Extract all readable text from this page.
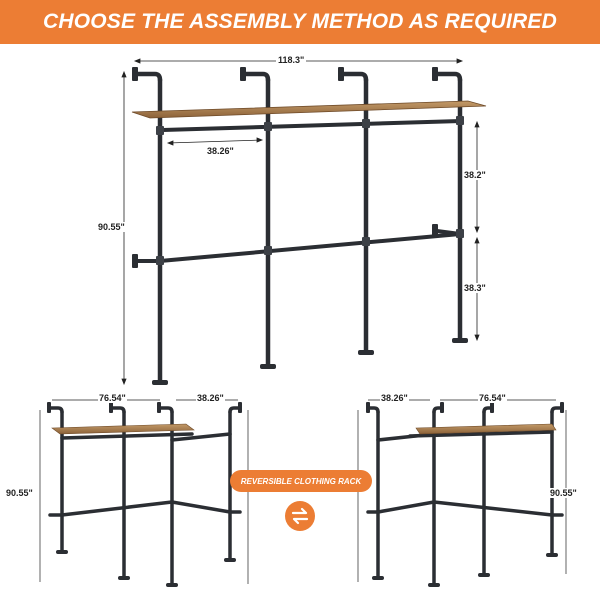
CHOOSE THE ASSEMBLY METHOD AS REQUIRED
118.3"
90.55"
38.26"
38.2"
38.3"
76.54"	38.26"
90.55"
38.26"	76.54"
90.55"
REVERSIBLE CLOTHING RACK
